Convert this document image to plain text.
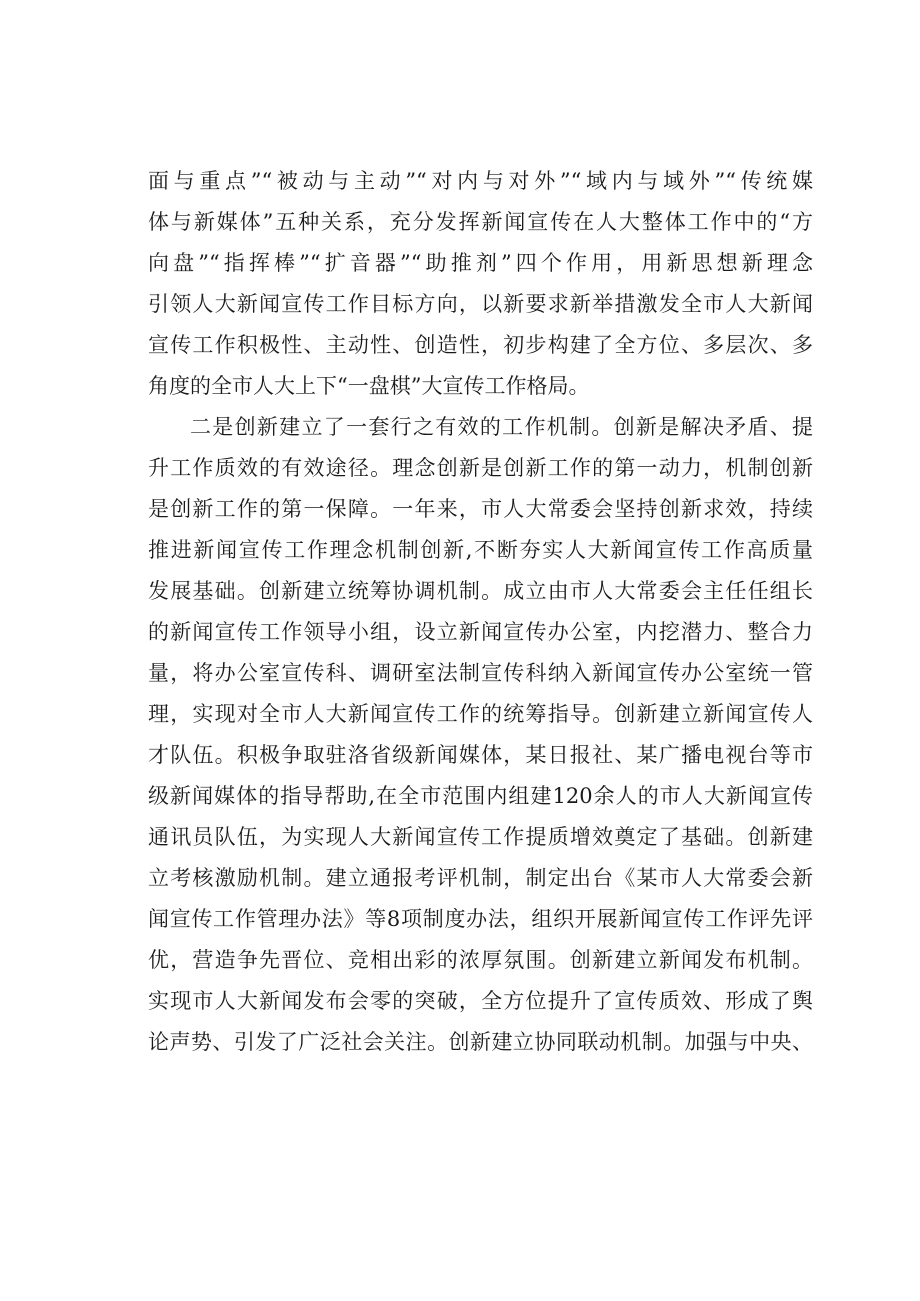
面与重点”“被动与主动”“对内与对外”“域内与域外”“传统媒
体与新媒体”五种关系，充分发挥新闻宣传在人大整体工作中的“方
向盘”“指挥棒”“扩音器”“助推剂”四个作用，用新思想新理念
引领人大新闻宣传工作目标方向，以新要求新举措激发全市人大新闻
宣传工作积极性、主动性、创造性，初步构建了全方位、多层次、多
角度的全市人大上下“一盘棋”大宣传工作格局。
二是创新建立了一套行之有效的工作机制。创新是解决矛盾、提
升工作质效的有效途径。理念创新是创新工作的第一动力，机制创新
是创新工作的第一保障。一年来，市人大常委会坚持创新求效，持续
推进新闻宣传工作理念机制创新,不断夯实人大新闻宣传工作高质量
发展基础。创新建立统筹协调机制。成立由市人大常委会主任任组长
的新闻宣传工作领导小组，设立新闻宣传办公室，内挖潜力、整合力
量，将办公室宣传科、调研室法制宣传科纳入新闻宣传办公室统一管
理，实现对全市人大新闻宣传工作的统筹指导。创新建立新闻宣传人
才队伍。积极争取驻洛省级新闻媒体，某日报社、某广播电视台等市
级新闻媒体的指导帮助,在全市范围内组建120余人的市人大新闻宣传
通讯员队伍，为实现人大新闻宣传工作提质增效奠定了基础。创新建
立考核激励机制。建立通报考评机制，制定出台《某市人大常委会新
闻宣传工作管理办法》等8项制度办法，组织开展新闻宣传工作评先评
优，营造争先晋位、竞相出彩的浓厚氛围。创新建立新闻发布机制。
实现市人大新闻发布会零的突破，全方位提升了宣传质效、形成了舆
论声势、引发了广泛社会关注。创新建立协同联动机制。加强与中央、
